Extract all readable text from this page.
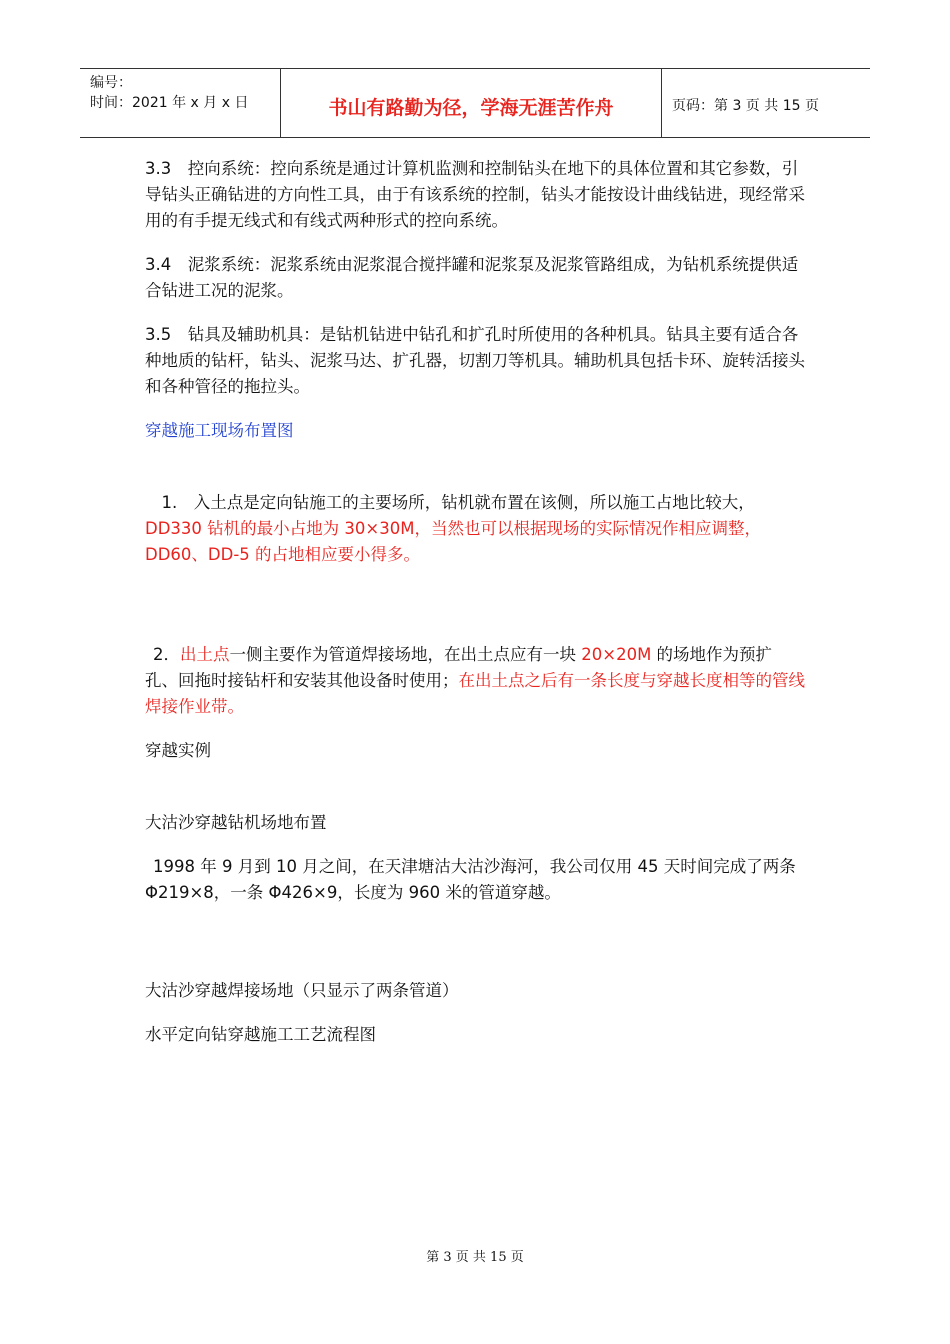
编号：
时间：2021 年 x 月 x 日	书山有路勤为径，学海无涯苦作舟	页码：第 3 页 共 15 页

3.3　控向系统：控向系统是通过计算机监测和控制钻头在地下的具体位置和其它参数，引导钻头正确钻进的方向性工具，由于有该系统的控制，钻头才能按设计曲线钻进，现经常采用的有手提无线式和有线式两种形式的控向系统。

3.4　泥浆系统：泥浆系统由泥浆混合搅拌罐和泥浆泵及泥浆管路组成，为钻机系统提供适合钻进工况的泥浆。

3.5　钻具及辅助机具：是钻机钻进中钻孔和扩孔时所使用的各种机具。钻具主要有适合各种地质的钻杆，钻头、泥浆马达、扩孔器，切割刀等机具。辅助机具包括卡环、旋转活接头和各种管径的拖拉头。

穿越施工现场布置图

　1.　入土点是定向钻施工的主要场所，钻机就布置在该侧，所以施工占地比较大，DD330 钻机的最小占地为 30×30M，当然也可以根据现场的实际情况作相应调整，DD60、DD-5 的占地相应要小得多。

2．出土点一侧主要作为管道焊接场地，在出土点应有一块 20×20M 的场地作为预扩孔、回拖时接钻杆和安装其他设备时使用；在出土点之后有一条长度与穿越长度相等的管线焊接作业带。

穿越实例

大沽沙穿越钻机场地布置

1998 年 9 月到 10 月之间，在天津塘沽大沽沙海河，我公司仅用 45 天时间完成了两条 Φ219×8，一条 Φ426×9，长度为 960 米的管道穿越。

大沽沙穿越焊接场地（只显示了两条管道）

水平定向钻穿越施工工艺流程图

第 3 页 共 15 页
